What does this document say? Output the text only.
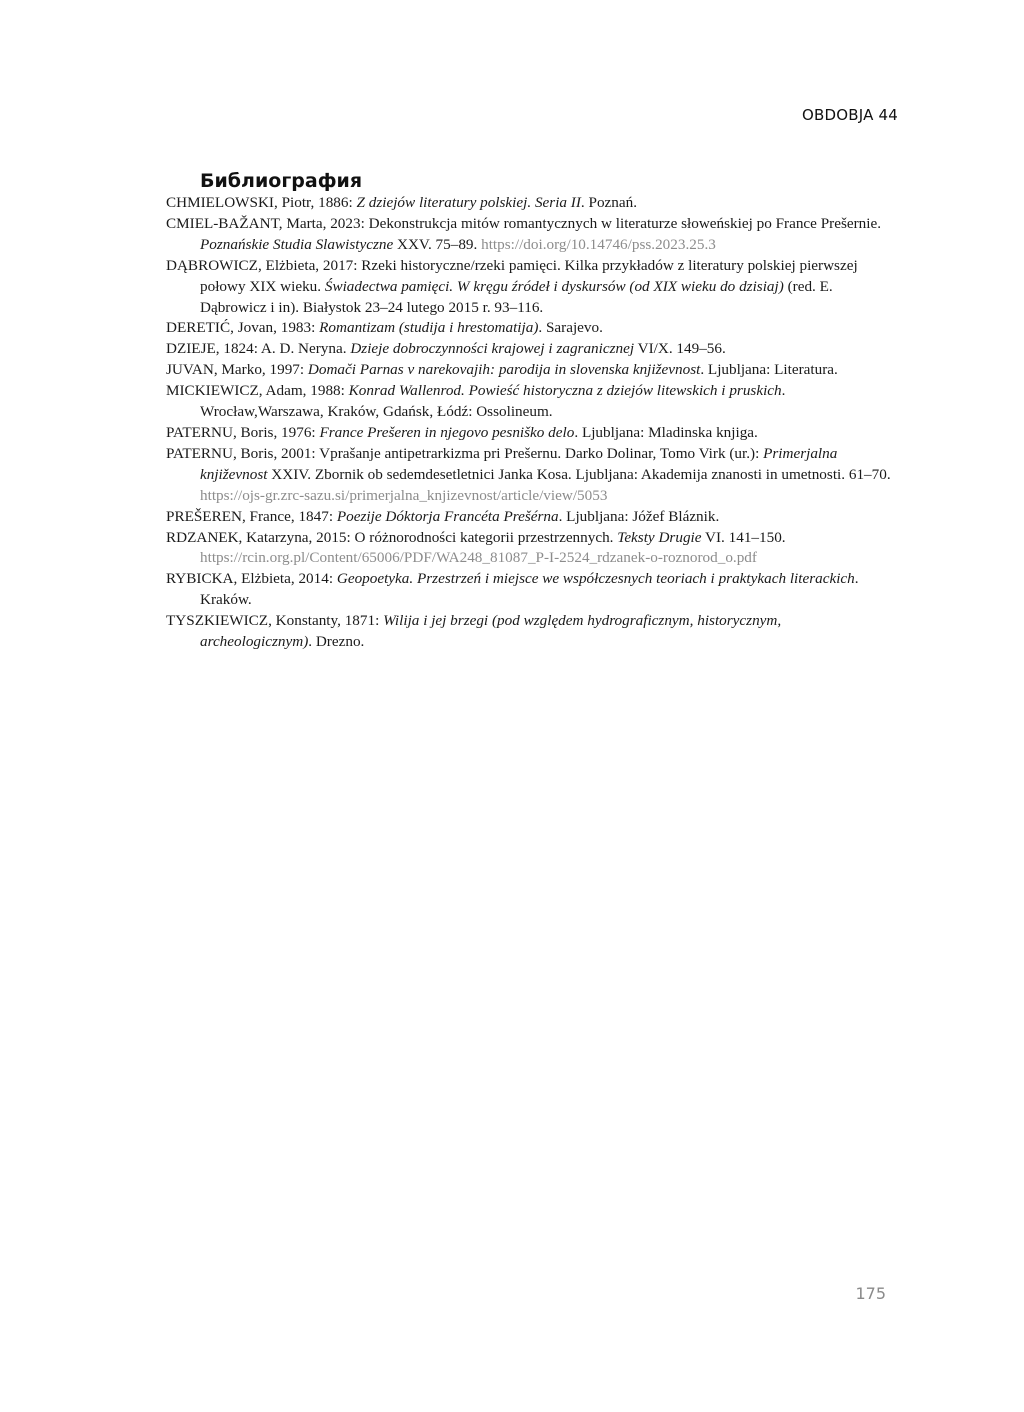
OBDOBJA 44
Библиография
CHMIELOWSKI, Piotr, 1886: Z dziejów literatury polskiej. Seria II. Poznań.
CMIEL-BAŽANT, Marta, 2023: Dekonstrukcja mitów romantycznych w literaturze słoweńskiej po France Prešernie. Poznańskie Studia Slawistyczne XXV. 75–89. https://doi.org/10.14746/pss.2023.25.3
DĄBROWICZ, Elżbieta, 2017: Rzeki historyczne/rzeki pamięci. Kilka przykładów z literatury polskiej pierwszej połowy XIX wieku. Świadectwa pamięci. W kręgu źródeł i dyskursów (od XIX wieku do dzisiaj) (red. E. Dąbrowicz i in). Białystok 23–24 lutego 2015 r. 93–116.
DERETIĆ, Jovan, 1983: Romantizam (studija i hrestomatija). Sarajevo.
DZIEJE, 1824: A. D. Neryna. Dzieje dobroczynności krajowej i zagranicznej VI/X. 149–56.
JUVAN, Marko, 1997: Domači Parnas v narekovajih: parodija in slovenska književnost. Ljubljana: Literatura.
MICKIEWICZ, Adam, 1988: Konrad Wallenrod. Powieść historyczna z dziejów litewskich i pruskich. Wrocław,Warszawa, Kraków, Gdańsk, Łódź: Ossolineum.
PATERNU, Boris, 1976: France Prešeren in njegovo pesniško delo. Ljubljana: Mladinska knjiga.
PATERNU, Boris, 2001: Vprašanje antipetrarkizma pri Prešernu. Darko Dolinar, Tomo Virk (ur.): Primerjalna književnost XXIV. Zbornik ob sedemdesetletnici Janka Kosa. Ljubljana: Akademija znanosti in umetnosti. 61–70. https://ojs-gr.zrc-sazu.si/primerjalna_knjizevnost/article/view/5053
PREŠEREN, France, 1847: Poezije Dóktorja Francéta Prešérna. Ljubljana: Jóžef Bláznik.
RDZANEK, Katarzyna, 2015: O różnorodności kategorii przestrzennych. Teksty Drugie VI. 141–150. https://rcin.org.pl/Content/65006/PDF/WA248_81087_P-I-2524_rdzanek-o-roznorod_o.pdf
RYBICKA, Elżbieta, 2014: Geopoetyka. Przestrzeń i miejsce we współczesnych teoriach i praktykach literackich. Kraków.
TYSZKIEWICZ, Konstanty, 1871: Wilija i jej brzegi (pod względem hydrograficznym, historycznym, archeologicznym). Drezno.
175
